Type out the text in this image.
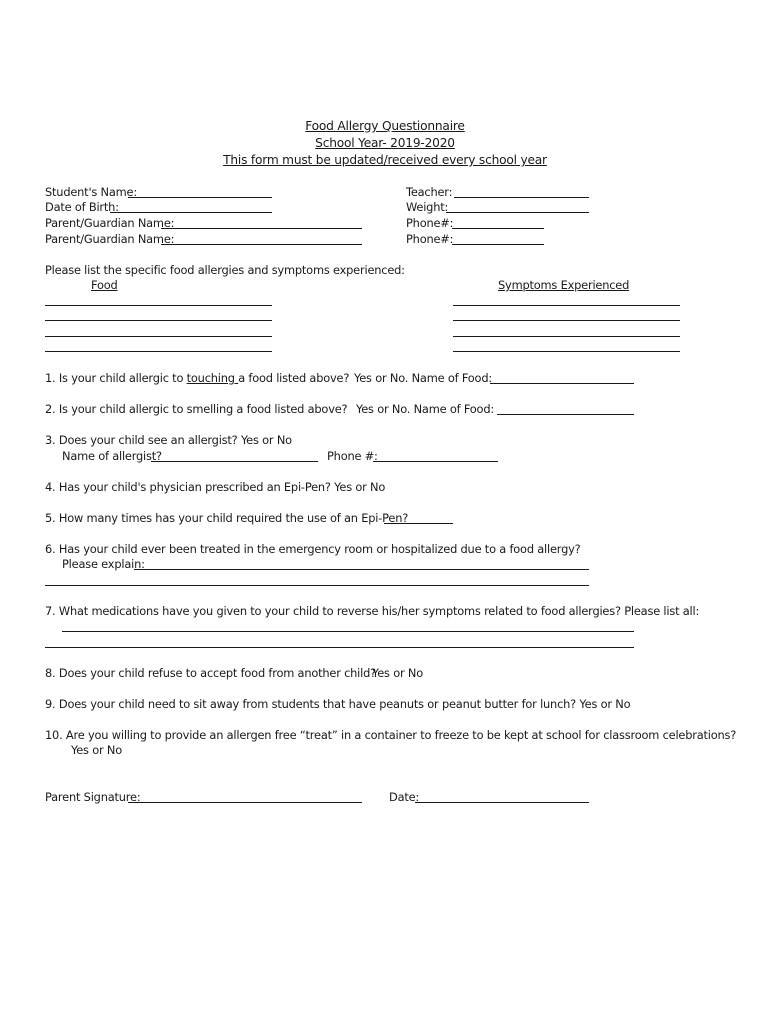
Food Allergy Questionnaire
School Year- 2019-2020
This form must be updated/received every school year
Student's Name:
Date of Birth:
Parent/Guardian Name:
Parent/Guardian Name:
Teacher:
Weight:
Phone#:
Phone#:
Please list the specific food allergies and symptoms experienced:
Food	Symptoms Experienced
1. Is your child allergic to touching a food listed above? Yes or No. Name of Food:
2. Is your child allergic to smelling a food listed above? Yes or No. Name of Food:
3. Does your child see an allergist? Yes or No
Name of allergist?	Phone #:
4. Has your child's physician prescribed an Epi-Pen? Yes or No
5. How many times has your child required the use of an Epi-Pen?
6. Has your child ever been treated in the emergency room or hospitalized due to a food allergy?
Please explain:
7. What medications have you given to your child to reverse his/her symptoms related to food allergies? Please list all:
8. Does your child refuse to accept food from another child?
Yes or No
9. Does your child need to sit away from students that have peanuts or peanut butter for lunch? Yes or No
10. Are you willing to provide an allergen free “treat” in a container to freeze to be kept at school for classroom celebrations?
Yes or No
Parent Signature:	Date:
